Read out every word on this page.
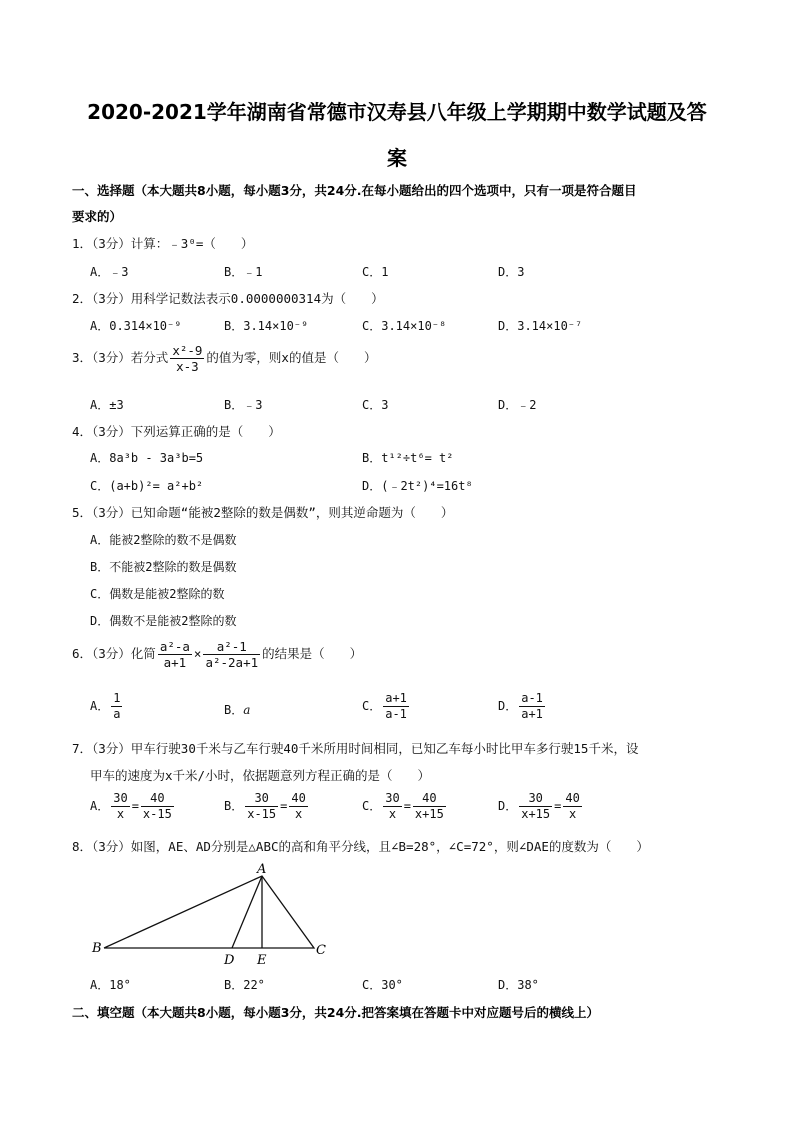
2020-2021学年湖南省常德市汉寿县八年级上学期期中数学试题及答
案
一、选择题（本大题共8小题，每小题3分，共24分.在每小题给出的四个选项中，只有一项是符合题目
要求的）
1．（3分）计算：﹣3⁰=（　　）
A．﹣3	B．﹣1	C．1	D．3
2．（3分）用科学记数法表示0.0000000314为（　　）
A．0.314×10⁻⁹	B．3.14×10⁻⁹	C．3.14×10⁻⁸	D．3.14×10⁻⁷
3．（3分）若分式 $\frac{\text{x²-9}}{x-3}$ 的值为零，则x的值是（　　）
A．±3	B．﹣3	C．3	D．﹣2
4．（3分）下列运算正确的是（　　）
A．8a³b - 3a³b=5	B．t¹²÷t⁶= t²
C．(a+b)²= a²+b²	D．(﹣2t²)⁴=16t⁸
5．（3分）已知命题“能被2整除的数是偶数”，则其逆命题为（　　）
A．能被2整除的数不是偶数
B．不能被2整除的数是偶数
C．偶数是能被2整除的数
D．偶数不是能被2整除的数
6．（3分）化简 $\frac{\text{a²-a}}{a+1} \times \frac{\text{a²-1}}{\text{a²-2a+1}}$ 的结果是（　　）
A． $\frac{1}{a}$	B．a	C． $\frac{a+1}{a-1}$	D． $\frac{a-1}{a+1}$
7．（3分）甲车行驶30千米与乙车行驶40千米所用时间相同，已知乙车每小时比甲车多行驶15千米，设
甲车的速度为x千米/小时，依据题意列方程正确的是（　　）
A． $\frac{30}{x} = \frac{40}{x-15}$	B． $\frac{30}{x-15} = \frac{40}{x}$	C． $\frac{30}{x} = \frac{40}{x+15}$	D． $\frac{30}{x+15} = \frac{40}{x}$
8．（3分）如图，AE、AD分别是△ABC的高和角平分线，且∠B=28°，∠C=72°，则∠DAE的度数为（　　）
A
B	C
D E
A．18°	B．22°	C．30°	D．38°
二、填空题（本大题共8小题，每小题3分，共24分.把答案填在答题卡中对应题号后的横线上）
